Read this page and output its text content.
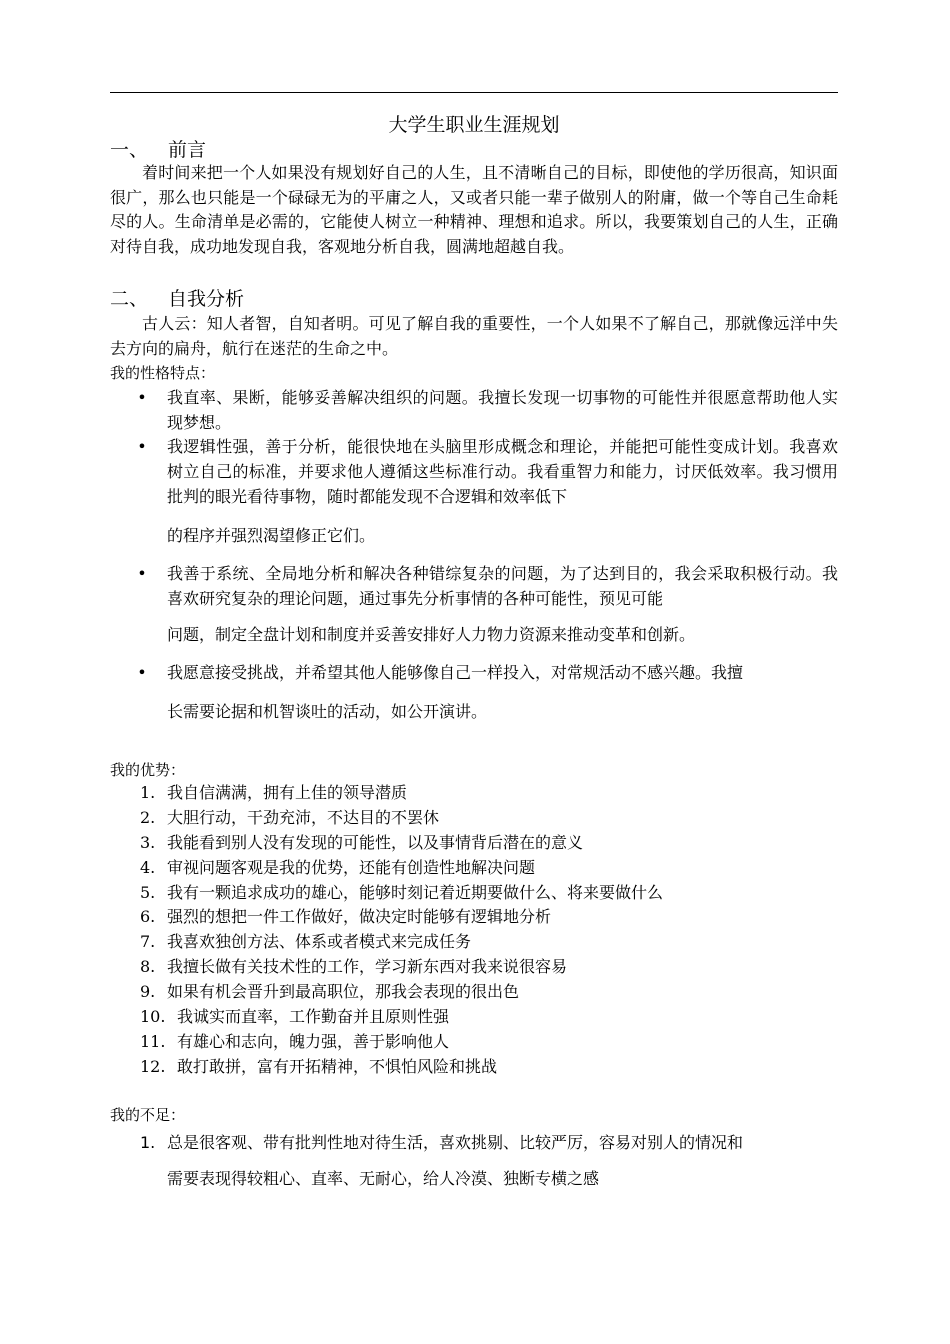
大学生职业生涯规划
一、 前言

着时间来把一个人如果没有规划好自己的人生，且不清晰自己的目标，即使他的学历很高，知识面很广，那么也只能是一个碌碌无为的平庸之人，又或者只能一辈子做别人的附庸，做一个等自己生命耗尽的人。生命清单是必需的，它能使人树立一种精神、理想和追求。所以，我要策划自己的人生，正确对待自我，成功地发现自我，客观地分析自我，圆满地超越自我。

二、 自我分析

古人云：知人者智，自知者明。可见了解自我的重要性，一个人如果不了解自己，那就像远洋中失去方向的扁舟，航行在迷茫的生命之中。

我的性格特点：
• 我直率、果断，能够妥善解决组织的问题。我擅长发现一切事物的可能性并很愿意帮助他人实现梦想。
• 我逻辑性强，善于分析，能很快地在头脑里形成概念和理论，并能把可能性变成计划。我喜欢树立自己的标准，并要求他人遵循这些标准行动。我看重智力和能力，讨厌低效率。我习惯用批判的眼光看待事物，随时都能发现不合逻辑和效率低下
的程序并强烈渴望修正它们。
• 我善于系统、全局地分析和解决各种错综复杂的问题，为了达到目的，我会采取积极行动。我喜欢研究复杂的理论问题，通过事先分析事情的各种可能性，预见可能
问题，制定全盘计划和制度并妥善安排好人力物力资源来推动变革和创新。
• 我愿意接受挑战，并希望其他人能够像自己一样投入，对常规活动不感兴趣。我擅
长需要论据和机智谈吐的活动，如公开演讲。
我的优势：
1. 我自信满满，拥有上佳的领导潜质
2. 大胆行动，干劲充沛，不达目的不罢休
3. 我能看到别人没有发现的可能性，以及事情背后潜在的意义
4. 审视问题客观是我的优势，还能有创造性地解决问题
5. 我有一颗追求成功的雄心，能够时刻记着近期要做什么、将来要做什么
6. 强烈的想把一件工作做好，做决定时能够有逻辑地分析
7. 我喜欢独创方法、体系或者模式来完成任务
8. 我擅长做有关技术性的工作，学习新东西对我来说很容易
9. 如果有机会晋升到最高职位，那我会表现的很出色
10. 我诚实而直率，工作勤奋并且原则性强
11. 有雄心和志向，魄力强，善于影响他人
12. 敢打敢拼，富有开拓精神，不惧怕风险和挑战
我的不足：
1. 总是很客观、带有批判性地对待生活，喜欢挑剔、比较严厉，容易对别人的情况和
需要表现得较粗心、直率、无耐心，给人冷漠、独断专横之感
